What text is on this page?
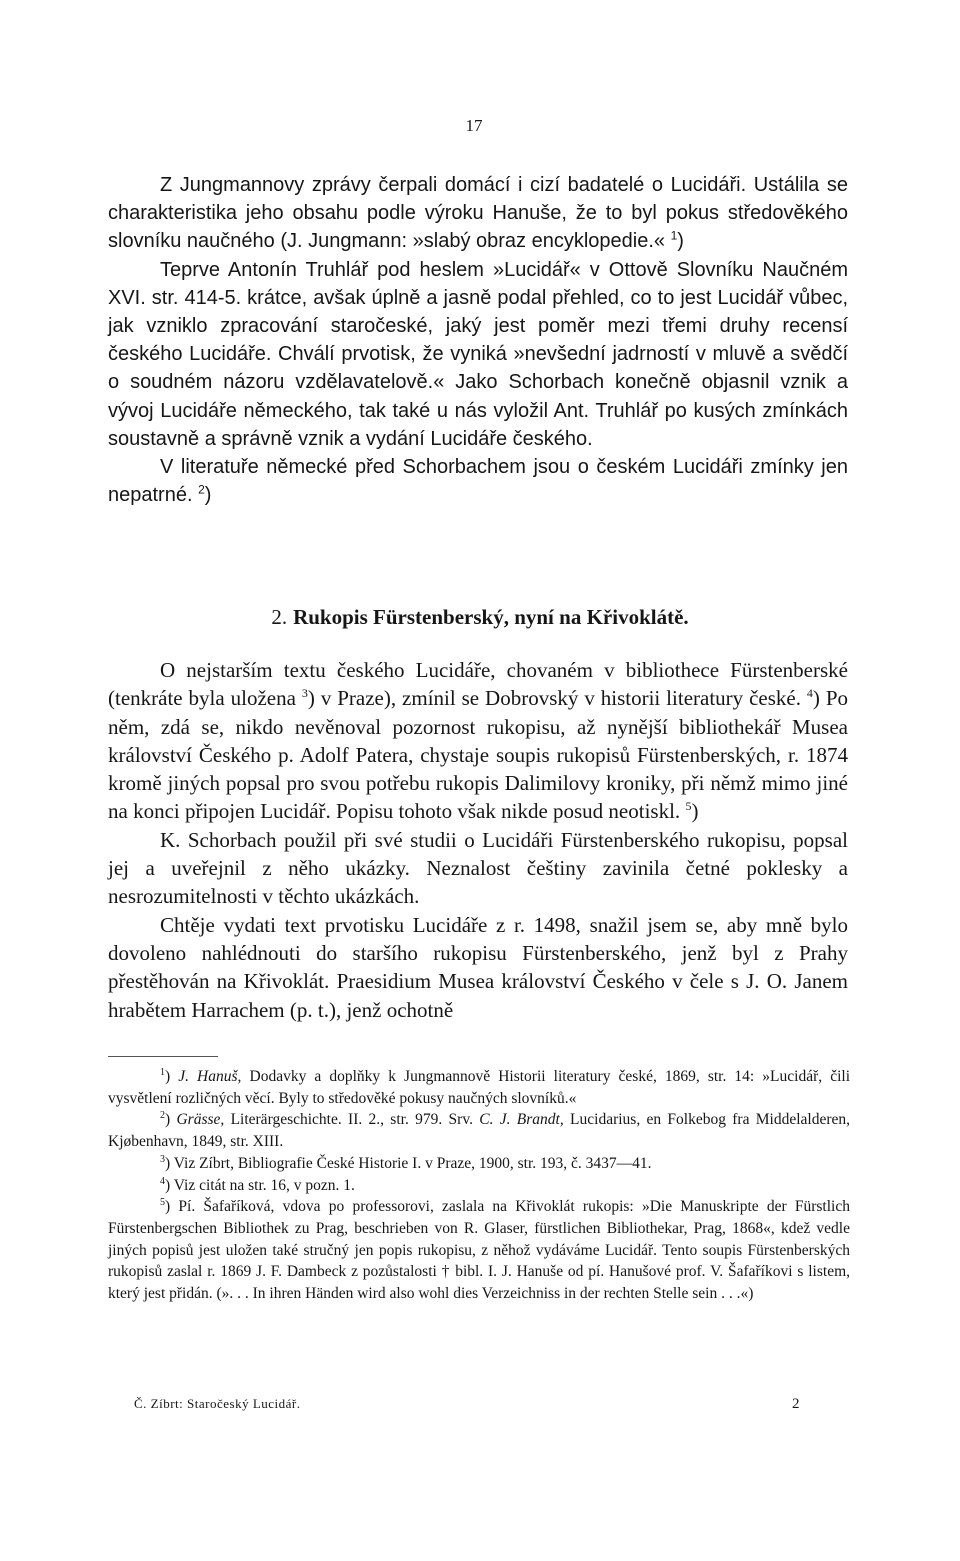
17

Z Jungmannovy zprávy čerpali domácí i cizí badatelé o Lucidáři. Ustálila se charakteristika jeho obsahu podle výroku Hanuše, že to byl pokus středověkého slovníku naučného (J. Jungmann: »slabý obraz encyklopedie.« $^1$)

Teprve Antonín Truhlář pod heslem »Lucidář« v Ottově Slovníku Naučném XVI. str. 414-5. krátce, avšak úplně a jasně podal přehled, co to jest Lucidář vůbec, jak vzniklo zpracování staročeské, jaký jest poměr mezi třemi druhy recensí českého Lucidáře. Chválí prvotisk, že vyniká »nevšední jadrností v mluvě a svědčí o soudném názoru vzdělavatelově.« Jako Schorbach konečně objasnil vznik a vývoj Lucidáře německého, tak také u nás vyložil Ant. Truhlář po kusých zmínkách soustavně a správně vznik a vydání Lucidáře českého.

V literatuře německé před Schorbachem jsou o českém Lucidáři zmínky jen nepatrné. $^2$)

2. Rukopis Fürstenberský, nyní na Křivoklátě.

O nejstarším textu českého Lucidáře, chovaném v bibliothece Fürstenberské (tenkráte byla uložena $^3$) v Praze), zmínil se Dobrovský v historii literatury české. $^4$) Po něm, zdá se, nikdo nevěnoval pozornost rukopisu, až nynější bibliothekář Musea království Českého p. Adolf Patera, chystaje soupis rukopisů Fürstenberských, r. 1874 kromě jiných popsal pro svou potřebu rukopis Dalimilovy kroniky, při němž mimo jiné na konci připojen Lucidář. Popisu tohoto však nikde posud neotiskl. $^5$)

K. Schorbach použil při své studii o Lucidáři Fürstenberského rukopisu, popsal jej a uveřejnil z něho ukázky. Neznalost češtiny zavinila četné poklesky a nesrozumitelnosti v těchto ukázkách.

Chtěje vydati text prvotisku Lucidáře z r. 1498, snažil jsem se, aby mně bylo dovoleno nahlédnouti do staršího rukopisu Fürstenberského, jenž byl z Prahy přestěhován na Křivoklát. Praesidium Musea království Českého v čele s J. O. Janem hrabětem Harrachem (p. t.), jenž ochotně

$^1$) J. Hanuš, Dodavky a doplňky k Jungmannově Historii literatury české, 1869, str. 14: »Lucidář, čili vysvětlení rozličných věcí. Byly to středověké pokusy naučných slovníků.«

$^2$) Grässe, Literärgeschichte. II. 2., str. 979. Srv. C. J. Brandt, Lucidarius, en Folkebog fra Middelalderen, Kjøbenhavn, 1849, str. XIII.

$^3$) Viz Zíbrt, Bibliografie České Historie I. v Praze, 1900, str. 193, č. 3437—41.

$^4$) Viz citát na str. 16, v pozn. 1.

$^5$) Pí. Šafaříková, vdova po professorovi, zaslala na Křivoklát rukopis: »Die Manuskripte der Fürstlich Fürstenbergschen Bibliothek zu Prag, beschrieben von R. Glaser, fürstlichen Bibliothekar, Prag, 1868«, kdež vedle jiných popisů jest uložen také stručný jen popis rukopisu, z něhož vydáváme Lucidář. Tento soupis Fürstenberských rukopisů zaslal r. 1869 J. F. Dambeck z pozůstalosti † bibl. I. J. Hanuše od pí. Hanušové prof. V. Šafaříkovi s listem, který jest přidán. (». . . In ihren Händen wird also wohl dies Verzeichniss in der rechten Stelle sein . . .«)

Č. Zíbrt: Staročeský Lucidář.	2
